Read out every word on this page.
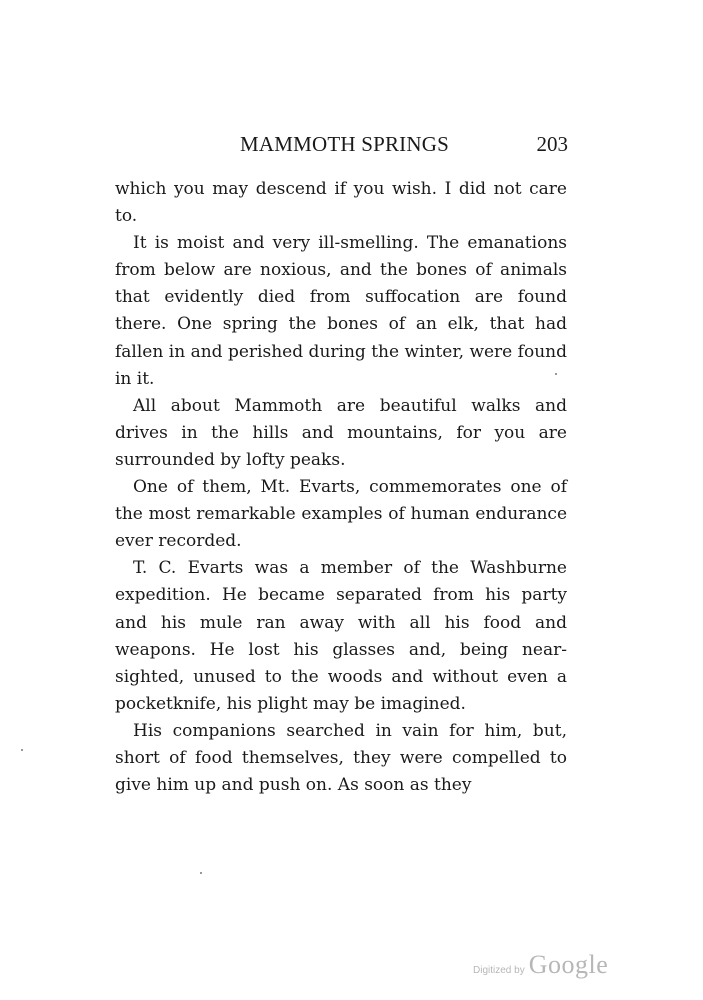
MAMMOTH SPRINGS	203

which you may descend if you wish. I did not care to.

It is moist and very ill-smelling. The emanations from below are noxious, and the bones of animals that evidently died from suffocation are found there. One spring the bones of an elk, that had fallen in and perished during the winter, were found in it.

All about Mammoth are beautiful walks and drives in the hills and mountains, for you are surrounded by lofty peaks.

One of them, Mt. Evarts, commemorates one of the most remarkable examples of human endurance ever recorded.

T. C. Evarts was a member of the Washburne expedition. He became separated from his party and his mule ran away with all his food and weapons. He lost his glasses and, being nearsighted, unused to the woods and without even a pocketknife, his plight may be imagined.

His companions searched in vain for him, but, short of food themselves, they were compelled to give him up and push on. As soon as they

Digitized by Google
